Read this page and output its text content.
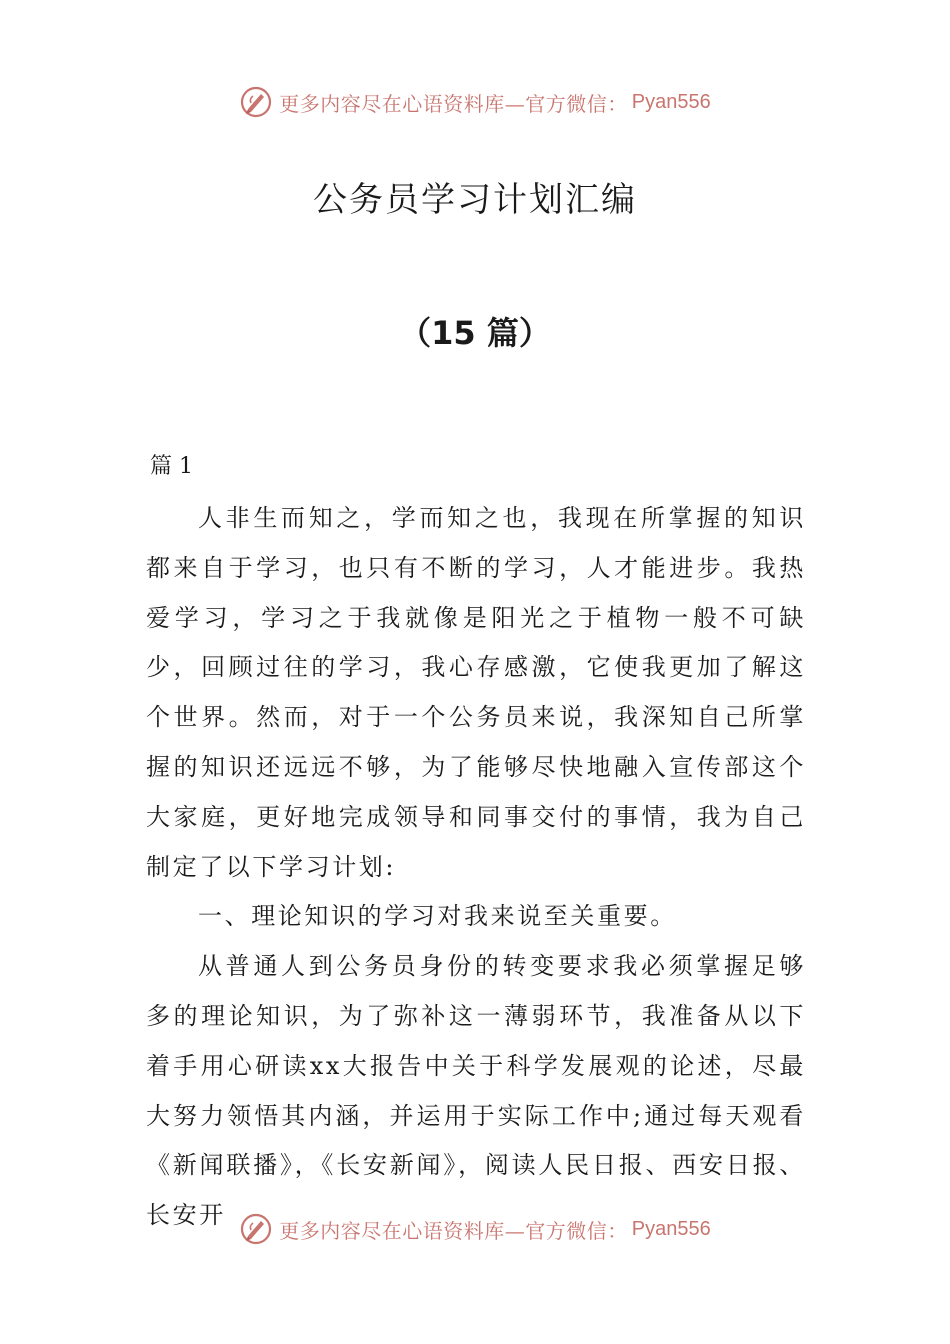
更多内容尽在心语资料库—官方微信： Pyan556
公务员学习计划汇编
（15 篇）

篇 1

人非生而知之，学而知之也，我现在所掌握的知识都来自于学习，也只有不断的学习，人才能进步。我热爱学习，学习之于我就像是阳光之于植物一般不可缺少，回顾过往的学习，我心存感激，它使我更加了解这个世界。然而，对于一个公务员来说，我深知自己所掌握的知识还远远不够，为了能够尽快地融入宣传部这个大家庭，更好地完成领导和同事交付的事情，我为自己制定了以下学习计划:

一、理论知识的学习对我来说至关重要。

从普通人到公务员身份的转变要求我必须掌握足够多的理论知识，为了弥补这一薄弱环节，我准备从以下着手用心研读xx大报告中关于科学发展观的论述，尽最大努力领悟其内涵，并运用于实际工作中;通过每天观看《新闻联播》，《长安新闻》，阅读人民日报、西安日报、长安开

更多内容尽在心语资料库—官方微信： Pyan556
